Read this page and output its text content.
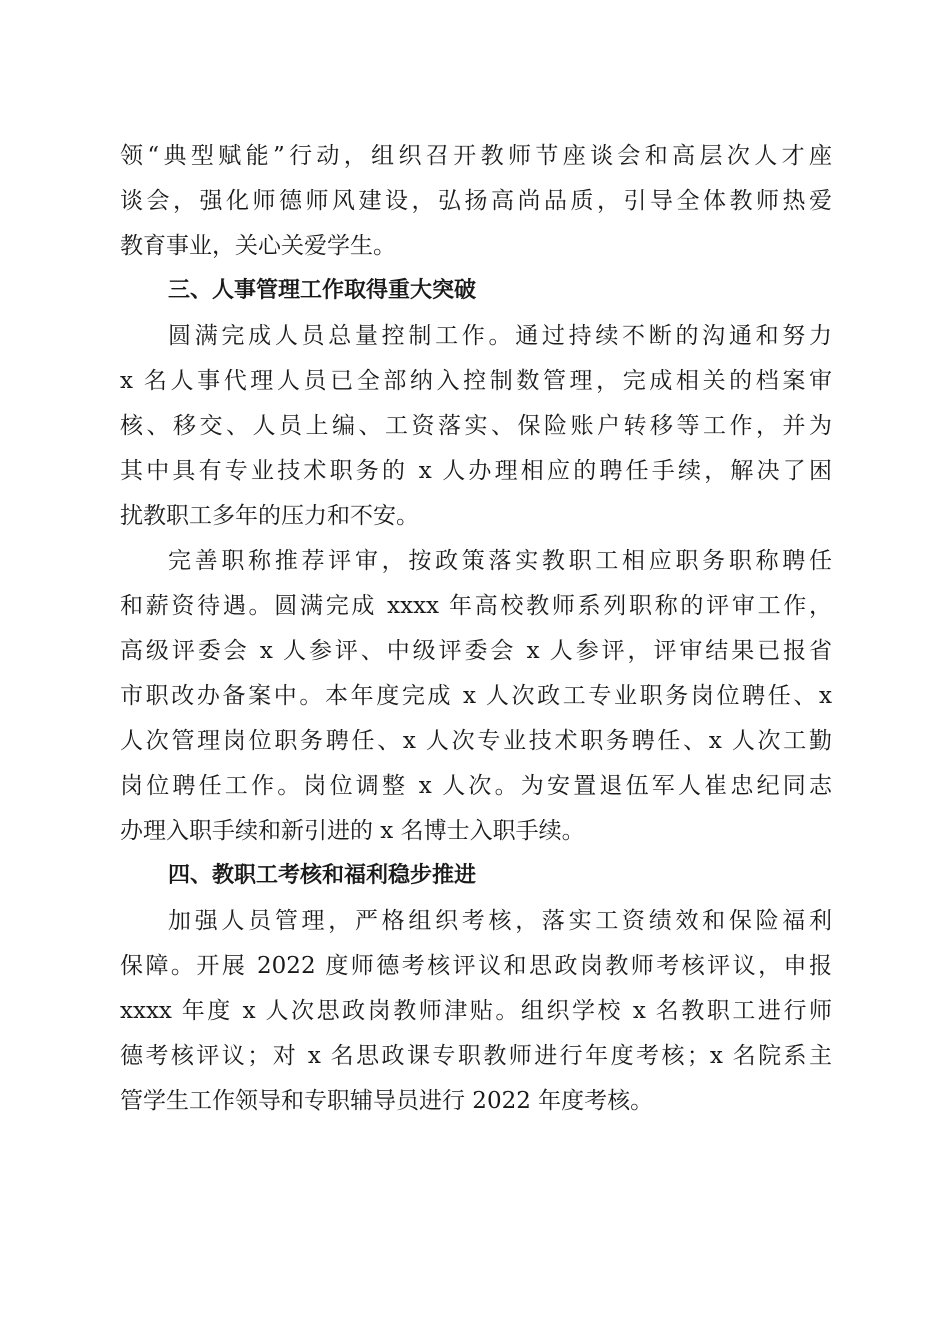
领“典型赋能”行动，组织召开教师节座谈会和高层次人才座
谈会，强化师德师风建设，弘扬高尚品质，引导全体教师热爱
教育事业，关心关爱学生。
三、人事管理工作取得重大突破
圆满完成人员总量控制工作。通过持续不断的沟通和努力
x 名人事代理人员已全部纳入控制数管理，完成相关的档案审
核、移交、人员上编、工资落实、保险账户转移等工作，并为
其中具有专业技术职务的 x 人办理相应的聘任手续，解决了困
扰教职工多年的压力和不安。
完善职称推荐评审，按政策落实教职工相应职务职称聘任
和薪资待遇。圆满完成 xxxx 年高校教师系列职称的评审工作，
高级评委会 x 人参评、中级评委会 x 人参评，评审结果已报省
市职改办备案中。本年度完成 x 人次政工专业职务岗位聘任、x
人次管理岗位职务聘任、x 人次专业技术职务聘任、x 人次工勤
岗位聘任工作。岗位调整 x 人次。为安置退伍军人崔忠纪同志
办理入职手续和新引进的 x 名博士入职手续。
四、教职工考核和福利稳步推进
加强人员管理，严格组织考核，落实工资绩效和保险福利
保障。开展 2022 度师德考核评议和思政岗教师考核评议，申报
xxxx 年度 x 人次思政岗教师津贴。组织学校 x 名教职工进行师
德考核评议；对 x 名思政课专职教师进行年度考核；x 名院系主
管学生工作领导和专职辅导员进行 2022 年度考核。
